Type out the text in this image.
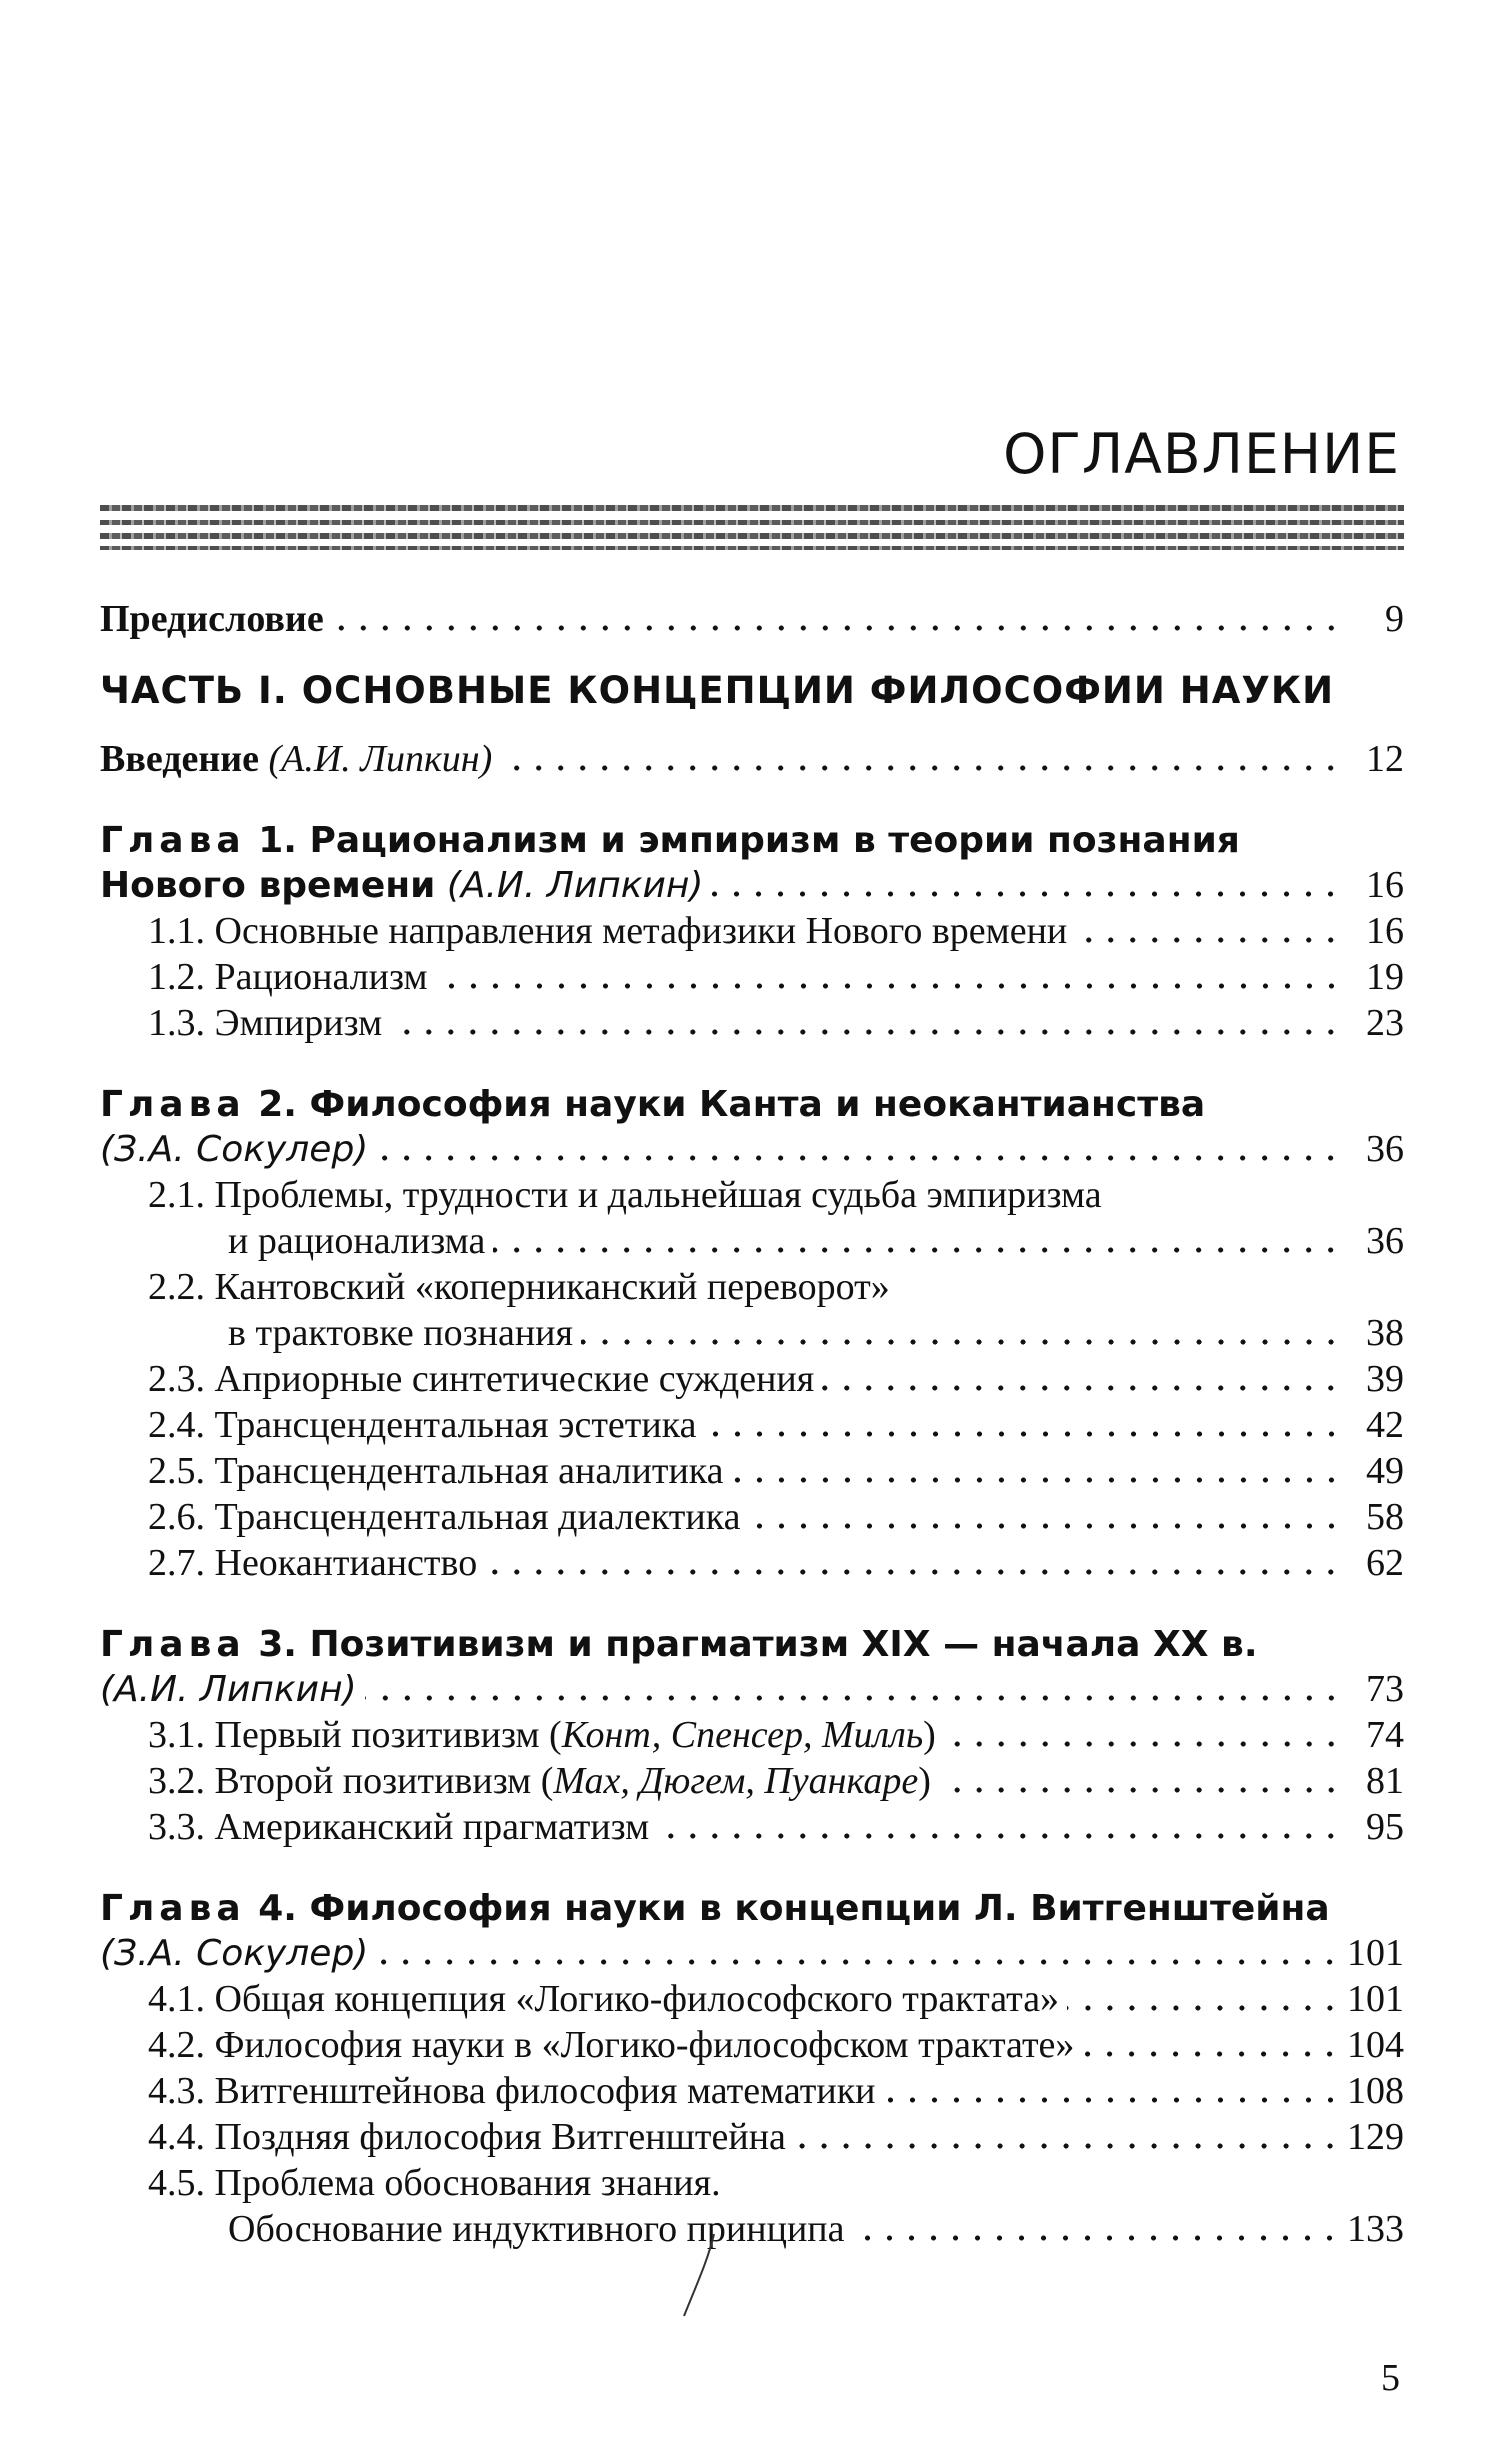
ОГЛАВЛЕНИЕ
Предисловие	9
ЧАСТЬ I. ОСНОВНЫЕ КОНЦЕПЦИИ ФИЛОСОФИИ НАУКИ
Введение (А.И. Липкин)	12
Глава 1. Рационализм и эмпиризм в теории познания
Нового времени (А.И. Липкин)	16
1.1. Основные направления метафизики Нового времени	16
1.2. Рационализм	19
1.3. Эмпиризм	23
Глава 2. Философия науки Канта и неокантианства
(З.А. Сокулер)	36
2.1. Проблемы, трудности и дальнейшая судьба эмпиризма
и рационализма	36
2.2. Кантовский «коперниканский переворот»
в трактовке познания	38
2.3. Априорные синтетические суждения	39
2.4. Трансцендентальная эстетика	42
2.5. Трансцендентальная аналитика	49
2.6. Трансцендентальная диалектика	58
2.7. Неокантианство	62
Глава 3. Позитивизм и прагматизм XIX — начала XX в.
(А.И. Липкин)	73
3.1. Первый позитивизм (Конт, Спенсер, Милль)	74
3.2. Второй позитивизм (Мах, Дюгем, Пуанкаре)	81
3.3. Американский прагматизм	95
Глава 4. Философия науки в концепции Л. Витгенштейна
(З.А. Сокулер)	101
4.1. Общая концепция «Логико-философского трактата»	101
4.2. Философия науки в «Логико-философском трактате»	104
4.3. Витгенштейнова философия математики	108
4.4. Поздняя философия Витгенштейна	129
4.5. Проблема обоснования знания.
Обоснование индуктивного принципа	133
5
